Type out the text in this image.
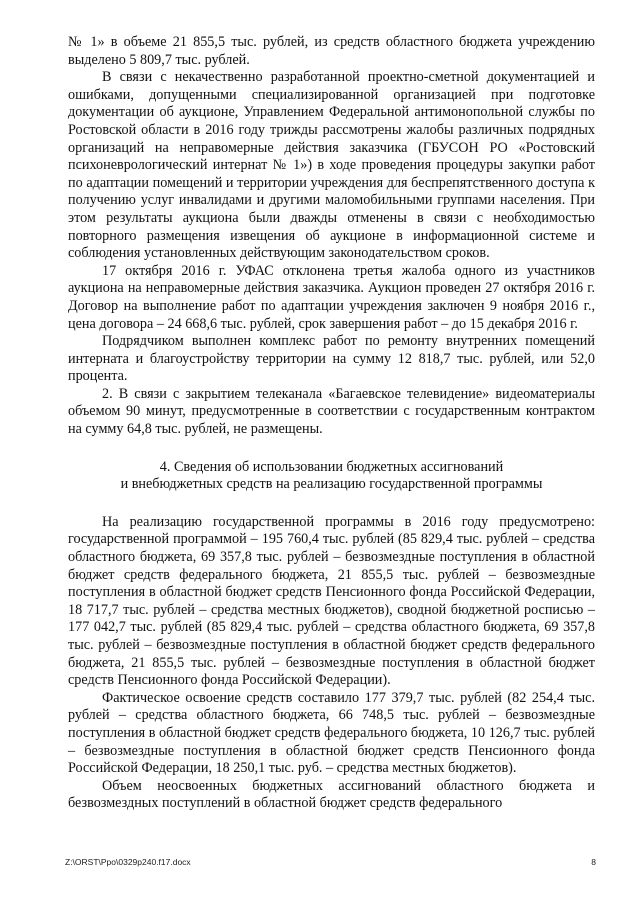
№ 1» в объеме 21 855,5 тыс. рублей, из средств областного бюджета учреждению выделено 5 809,7 тыс. рублей.

В связи с некачественно разработанной проектно-сметной документацией и ошибками, допущенными специализированной организацией при подготовке документации об аукционе, Управлением Федеральной антимонопольной службы по Ростовской области в 2016 году трижды рассмотрены жалобы различных подрядных организаций на неправомерные действия заказчика (ГБУСОН РО «Ростовский психоневрологический интернат № 1») в ходе проведения процедуры закупки работ по адаптации помещений и территории учреждения для беспрепятственного доступа к получению услуг инвалидами и другими маломобильными группами населения. При этом результаты аукциона были дважды отменены в связи с необходимостью повторного размещения извещения об аукционе в информационной системе и соблюдения установленных действующим законодательством сроков.

17 октября 2016 г. УФАС отклонена третья жалоба одного из участников аукциона на неправомерные действия заказчика. Аукцион проведен 27 октября 2016 г. Договор на выполнение работ по адаптации учреждения заключен 9 ноября 2016 г., цена договора – 24 668,6 тыс. рублей, срок завершения работ – до 15 декабря 2016 г.

Подрядчиком выполнен комплекс работ по ремонту внутренних помещений интерната и благоустройству территории на сумму 12 818,7 тыс. рублей, или 52,0 процента.

2. В связи с закрытием телеканала «Багаевское телевидение» видеоматериалы объемом 90 минут, предусмотренные в соответствии с государственным контрактом на сумму 64,8 тыс. рублей, не размещены.

4. Сведения об использовании бюджетных ассигнований

и внебюджетных средств на реализацию государственной программы

На реализацию государственной программы в 2016 году предусмотрено: государственной программой – 195 760,4 тыс. рублей (85 829,4 тыс. рублей – средства областного бюджета, 69 357,8 тыс. рублей – безвозмездные поступления в областной бюджет средств федерального бюджета, 21 855,5 тыс. рублей – безвозмездные поступления в областной бюджет средств Пенсионного фонда Российской Федерации, 18 717,7 тыс. рублей – средства местных бюджетов), сводной бюджетной росписью – 177 042,7 тыс. рублей (85 829,4 тыс. рублей – средства областного бюджета, 69 357,8 тыс. рублей – безвозмездные поступления в областной бюджет средств федерального бюджета, 21 855,5 тыс. рублей – безвозмездные поступления в областной бюджет средств Пенсионного фонда Российской Федерации).

Фактическое освоение средств составило 177 379,7 тыс. рублей (82 254,4 тыс. рублей – средства областного бюджета, 66 748,5 тыс. рублей – безвозмездные поступления в областной бюджет средств федерального бюджета, 10 126,7 тыс. рублей – безвозмездные поступления в областной бюджет средств Пенсионного фонда Российской Федерации, 18 250,1 тыс. руб. – средства местных бюджетов).

Объем неосвоенных бюджетных ассигнований областного бюджета и безвозмездных поступлений в областной бюджет средств федерального

Z:\ORST\Ppo\0329p240.f17.docx	8
